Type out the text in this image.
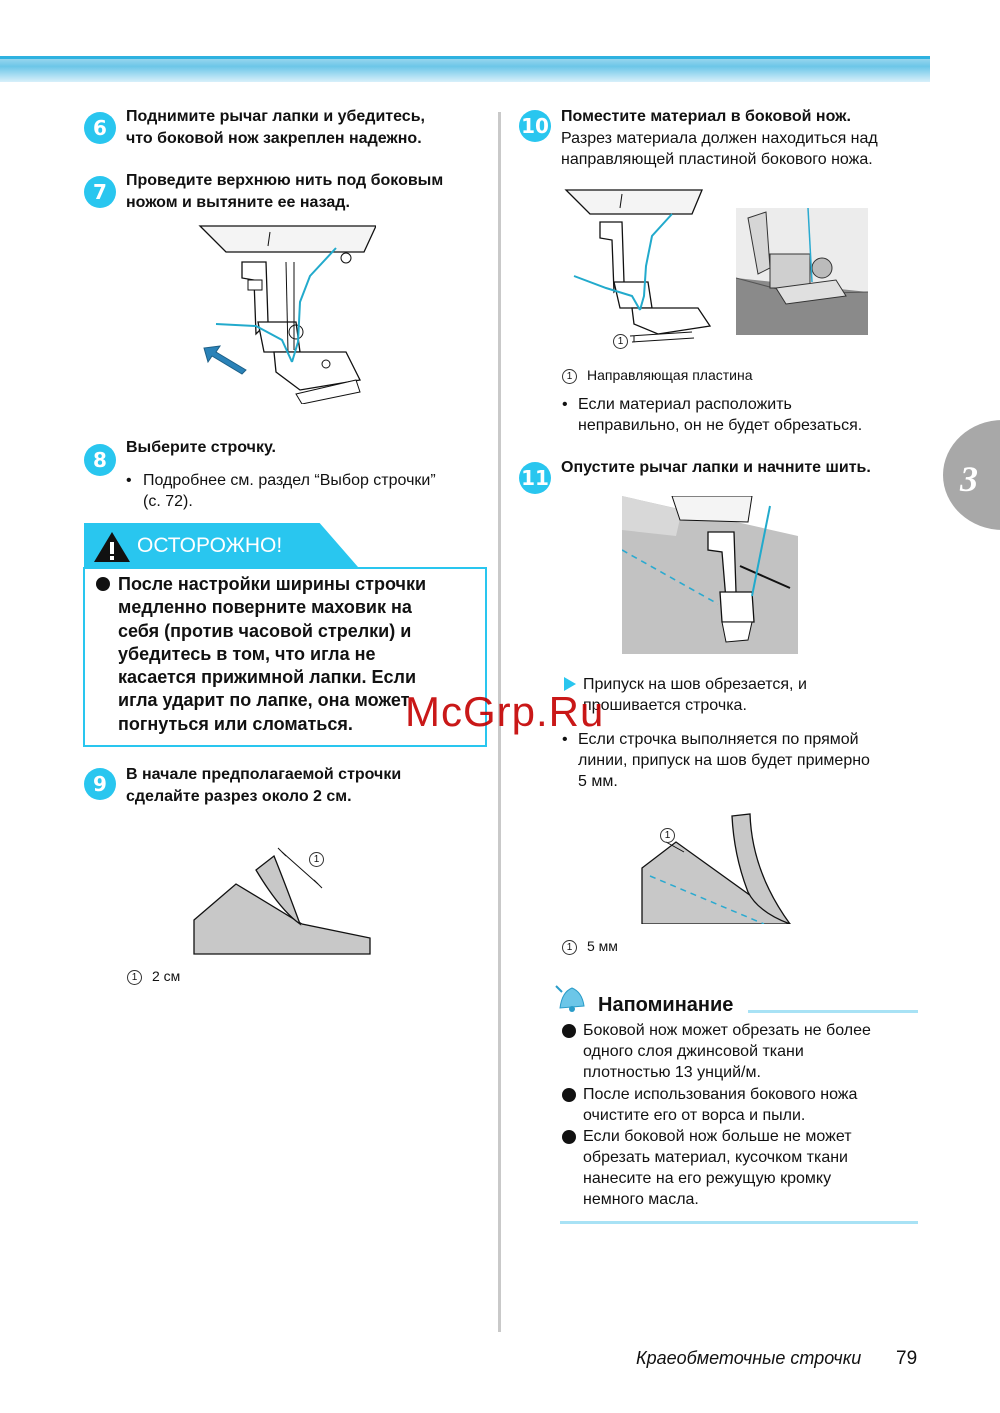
3
6	Поднимите рычаг лапки и убедитесь,
что боковой нож закреплен надежно.
7	Проведите верхнюю нить под боковым
ножом и вытяните ее назад.
8
Выберите строчку.
• Подробнее см. раздел “Выбор строчки”
(с. 72).
ОСТОРОЖНО!
После настройки ширины строчки
медленно поверните маховик на
себя (против часовой стрелки) и
убедитесь в том, что игла не
касается прижимной лапки. Если
игла ударит по лапке, она может
погнуться или сломаться.
9	В начале предполагаемой строчки
сделайте разрез около 2 см.
1
1 2 см
10 Поместите материал в боковой нож.
Разрез материала должен находиться над
направляющей пластиной бокового ножа.
1
1 Направляющая пластина
• Если материал расположить
неправильно, он не будет обрезаться.
11 Опустите рычаг лапки и начните шить.
Припуск на шов обрезается, и
прошивается строчка.
• Если строчка выполняется по прямой
линии, припуск на шов будет примерно
5 мм.
1
1 5 мм
Напоминание
Боковой нож может обрезать не более
одного слоя джинсовой ткани
плотностью 13 унций/м.
После использования бокового ножа
очистите его от ворса и пыли.
Если боковой нож больше не может
обрезать материал, кусочком ткани
нанесите на его режущую кромку
немного масла.
McGrp.Ru
Краеобметочные строчки 79
